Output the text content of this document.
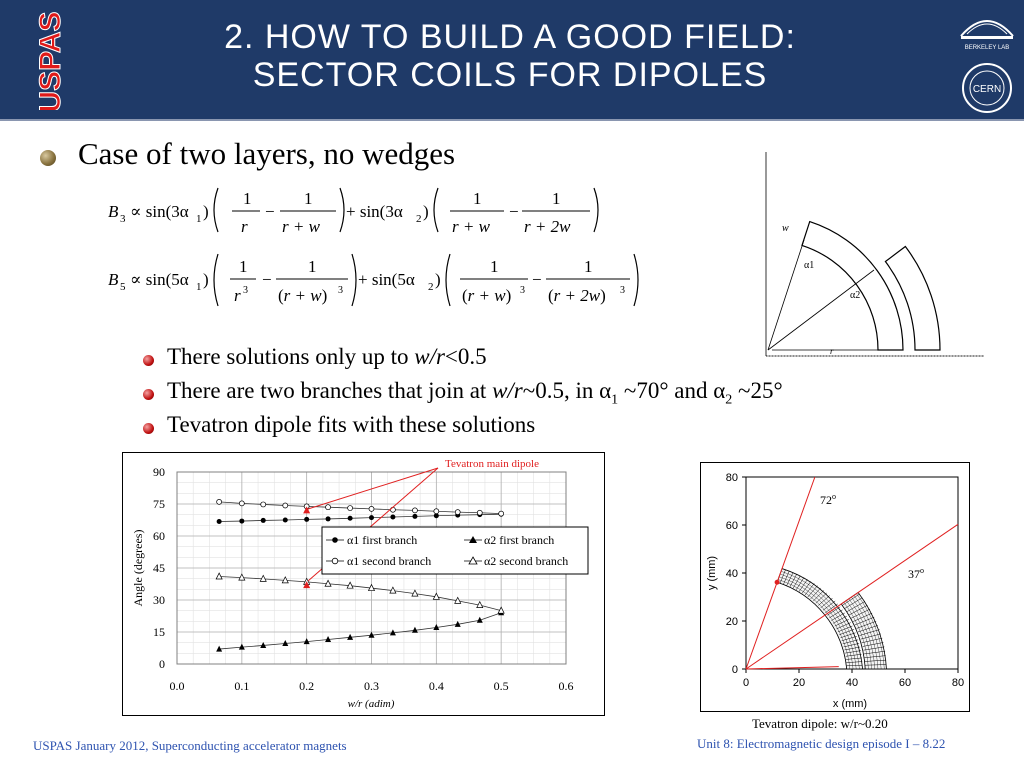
USPAS	2. HOW TO BUILD A GOOD FIELD:
SECTOR COILS FOR DIPOLES
BERKELEY LAB
CERN
Case of two layers, no wedges
B 3 ∝ sin(3α 1 )
1
r
−
1
r + w
+ sin(3α 2 )
1
r + w
−
1
r + 2w
B 5 ∝ sin(5α 1 )
1
r 3
−
1
(r + w) 3
+ sin(5α 2 )
1
(r + w) 3
−
1
(r + 2w) 3
There solutions only up to w/r<0.5
There are two branches that join at w/r~0.5, in $\alpha_1$ ~70° and $\alpha_2$ ~25°
Tevatron dipole fits with these solutions
w
α1
α2
r
0.0	0.1	0.2	0.3	0.4	0.5	0.6
0
15
30
45
60
75
90
Angle (degrees)
w/r (adim)
Tevatron main dipole
α1 first branch	α2 first branch
α1 second branch	α2 second branch
0	20	40	60	80
0
20
40
60
80
y (mm)
x (mm)
72$^o$
37$^o$
Tevatron dipole: w/r~0.20
USPAS January 2012, Superconducting accelerator magnets	Unit 8: Electromagnetic design episode I – 8.22
